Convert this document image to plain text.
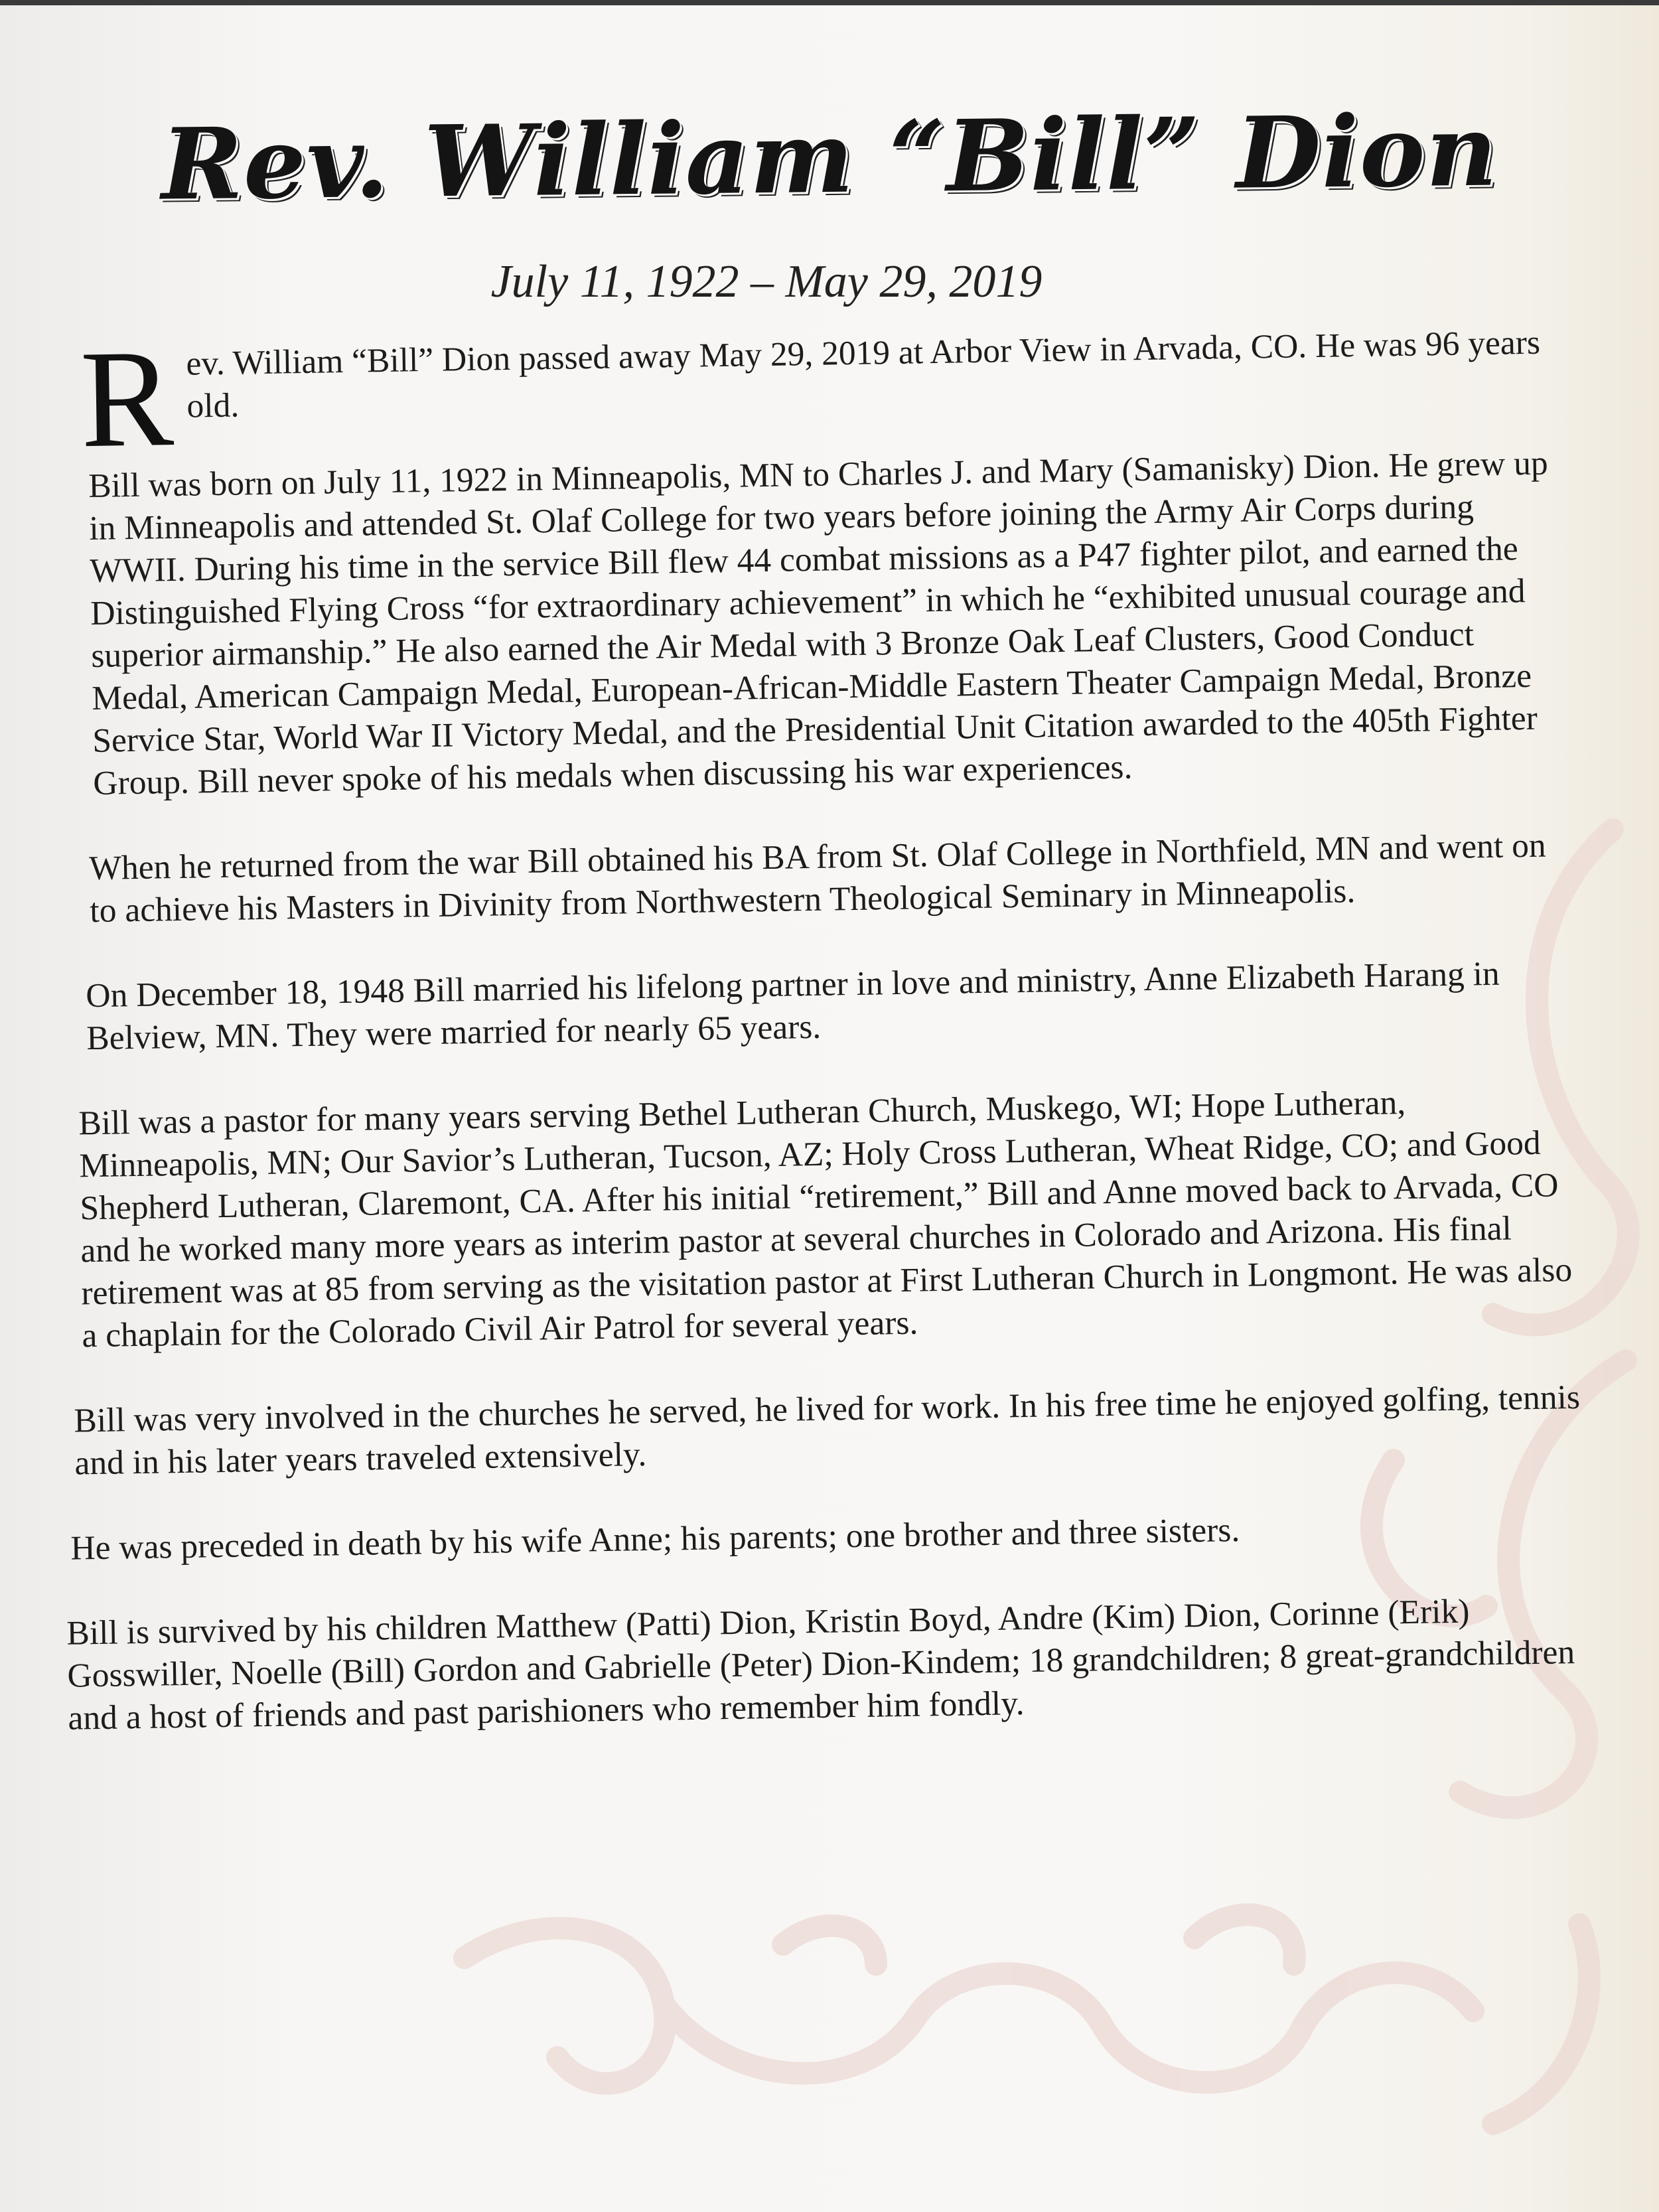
Rev. William “Bill” Dion
July 11, 1922 – May 29, 2019

Rev. William “Bill” Dion passed away May 29, 2019 at Arbor View in Arvada, CO. He was 96 years old.

Bill was born on July 11, 1922 in Minneapolis, MN to Charles J. and Mary (Samanisky) Dion. He grew up in Minneapolis and attended St. Olaf College for two years before joining the Army Air Corps during WWII. During his time in the service Bill flew 44 combat missions as a P47 fighter pilot, and earned the Distinguished Flying Cross “for extraordinary achievement” in which he “exhibited unusual courage and superior airmanship.” He also earned the Air Medal with 3 Bronze Oak Leaf Clusters, Good Conduct Medal, American Campaign Medal, European-African-Middle Eastern Theater Campaign Medal, Bronze Service Star, World War II Victory Medal, and the Presidential Unit Citation awarded to the 405th Fighter Group. Bill never spoke of his medals when discussing his war experiences.

When he returned from the war Bill obtained his BA from St. Olaf College in Northfield, MN and went on to achieve his Masters in Divinity from Northwestern Theological Seminary in Minneapolis.

On December 18, 1948 Bill married his lifelong partner in love and ministry, Anne Elizabeth Harang in Belview, MN. They were married for nearly 65 years.

Bill was a pastor for many years serving Bethel Lutheran Church, Muskego, WI; Hope Lutheran, Minneapolis, MN; Our Savior’s Lutheran, Tucson, AZ; Holy Cross Lutheran, Wheat Ridge, CO; and Good Shepherd Lutheran, Claremont, CA. After his initial “retirement,” Bill and Anne moved back to Arvada, CO and he worked many more years as interim pastor at several churches in Colorado and Arizona. His final retirement was at 85 from serving as the visitation pastor at First Lutheran Church in Longmont. He was also a chaplain for the Colorado Civil Air Patrol for several years.

Bill was very involved in the churches he served, he lived for work. In his free time he enjoyed golfing, tennis and in his later years traveled extensively.

He was preceded in death by his wife Anne; his parents; one brother and three sisters.

Bill is survived by his children Matthew (Patti) Dion, Kristin Boyd, Andre (Kim) Dion, Corinne (Erik) Gosswiller, Noelle (Bill) Gordon and Gabrielle (Peter) Dion-Kindem; 18 grandchildren; 8 great-grandchildren and a host of friends and past parishioners who remember him fondly.
